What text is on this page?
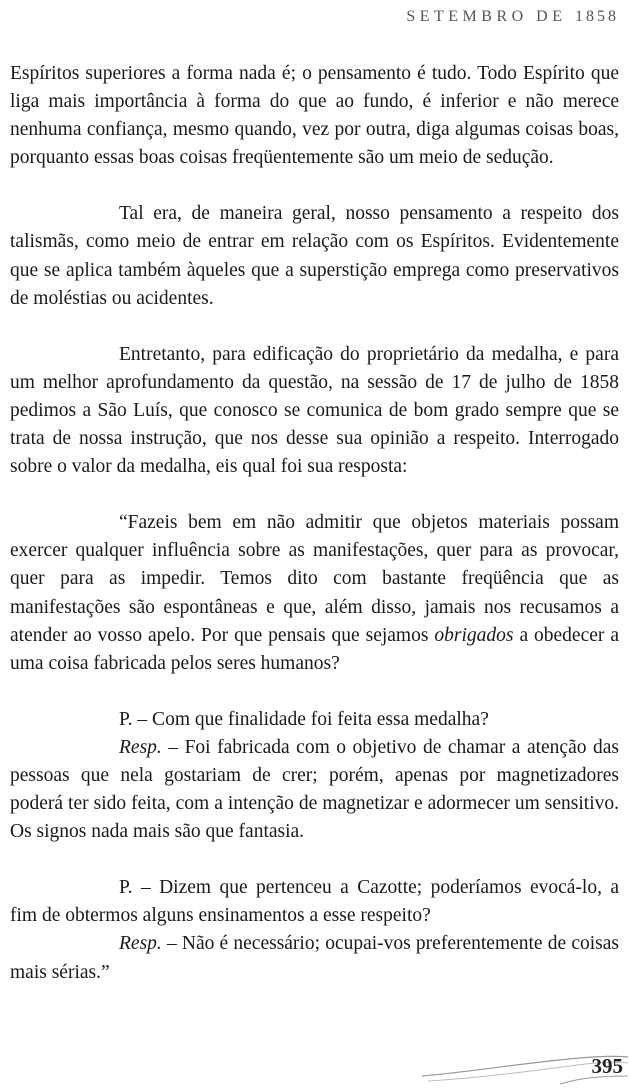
SETEMBRO DE 1858

Espíritos superiores a forma nada é; o pensamento é tudo. Todo Espírito que liga mais importância à forma do que ao fundo, é inferior e não merece nenhuma confiança, mesmo quando, vez por outra, diga algumas coisas boas, porquanto essas boas coisas freqüentemente são um meio de sedução.

Tal era, de maneira geral, nosso pensamento a respeito dos talismãs, como meio de entrar em relação com os Espíritos. Evidentemente que se aplica também àqueles que a superstição emprega como preservativos de moléstias ou acidentes.

Entretanto, para edificação do proprietário da medalha, e para um melhor aprofundamento da questão, na sessão de 17 de julho de 1858 pedimos a São Luís, que conosco se comunica de bom grado sempre que se trata de nossa instrução, que nos desse sua opinião a respeito. Interrogado sobre o valor da medalha, eis qual foi sua resposta:

“Fazeis bem em não admitir que objetos materiais possam exercer qualquer influência sobre as manifestações, quer para as provocar, quer para as impedir. Temos dito com bastante freqüência que as manifestações são espontâneas e que, além disso, jamais nos recusamos a atender ao vosso apelo. Por que pensais que sejamos obrigados a obedecer a uma coisa fabricada pelos seres humanos?

P. – Com que finalidade foi feita essa medalha?

Resp. – Foi fabricada com o objetivo de chamar a atenção das pessoas que nela gostariam de crer; porém, apenas por magnetizadores poderá ter sido feita, com a intenção de magnetizar e adormecer um sensitivo. Os signos nada mais são que fantasia.

P. – Dizem que pertenceu a Cazotte; poderíamos evocá-lo, a fim de obtermos alguns ensinamentos a esse respeito?

Resp. – Não é necessário; ocupai-vos preferentemente de coisas mais sérias.”

395
